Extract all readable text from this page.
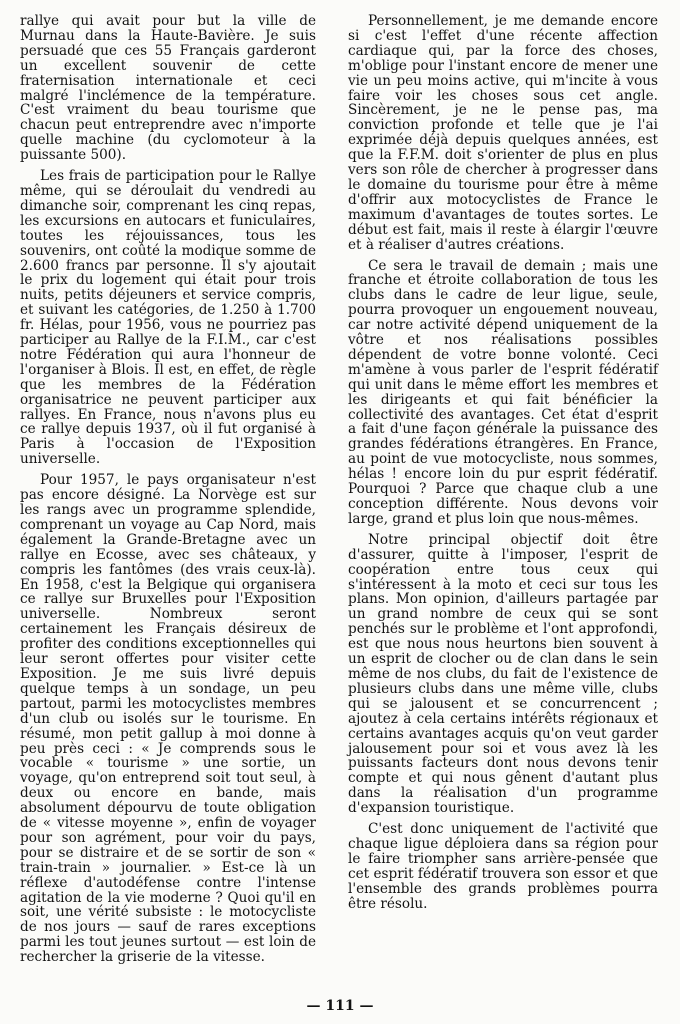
rallye qui avait pour but la ville de Murnau dans la Haute-Bavière. Je suis persuadé que ces 55 Français garderont un excellent souvenir de cette fraternisation internationale et ceci malgré l'inclémence de la température. C'est vraiment du beau tourisme que chacun peut entreprendre avec n'importe quelle machine (du cyclomoteur à la puissante 500).

Les frais de participation pour le Rallye même, qui se déroulait du vendredi au dimanche soir, comprenant les cinq repas, les excursions en autocars et funiculaires, toutes les réjouissances, tous les souvenirs, ont coûté la modique somme de 2.600 francs par personne. Il s'y ajoutait le prix du logement qui était pour trois nuits, petits déjeuners et service compris, et suivant les catégories, de 1.250 à 1.700 fr. Hélas, pour 1956, vous ne pourriez pas participer au Rallye de la F.I.M., car c'est notre Fédération qui aura l'honneur de l'organiser à Blois. Il est, en effet, de règle que les membres de la Fédération organisatrice ne peuvent participer aux rallyes. En France, nous n'avons plus eu ce rallye depuis 1937, où il fut organisé à Paris à l'occasion de l'Exposition universelle.

Pour 1957, le pays organisateur n'est pas encore désigné. La Norvège est sur les rangs avec un programme splendide, comprenant un voyage au Cap Nord, mais également la Grande-Bretagne avec un rallye en Ecosse, avec ses châteaux, y compris les fantômes (des vrais ceux-là). En 1958, c'est la Belgique qui organisera ce rallye sur Bruxelles pour l'Exposition universelle. Nombreux seront certainement les Français désireux de profiter des conditions exceptionnelles qui leur seront offertes pour visiter cette Exposition. Je me suis livré depuis quelque temps à un sondage, un peu partout, parmi les motocyclistes membres d'un club ou isolés sur le tourisme. En résumé, mon petit gallup à moi donne à peu près ceci : « Je comprends sous le vocable « tourisme » une sortie, un voyage, qu'on entreprend soit tout seul, à deux ou encore en bande, mais absolument dépourvu de toute obligation de « vitesse moyenne », enfin de voyager pour son agrément, pour voir du pays, pour se distraire et de se sortir de son « train-train » journalier. » Est-ce là un réflexe d'autodéfense contre l'intense agitation de la vie moderne ? Quoi qu'il en soit, une vérité subsiste : le motocycliste de nos jours — sauf de rares exceptions parmi les tout jeunes surtout — est loin de rechercher la griserie de la vitesse.

Personnellement, je me demande encore si c'est l'effet d'une récente affection cardiaque qui, par la force des choses, m'oblige pour l'instant encore de mener une vie un peu moins active, qui m'incite à vous faire voir les choses sous cet angle. Sincèrement, je ne le pense pas, ma conviction profonde et telle que je l'ai exprimée déjà depuis quelques années, est que la F.F.M. doit s'orienter de plus en plus vers son rôle de chercher à progresser dans le domaine du tourisme pour être à même d'offrir aux motocyclistes de France le maximum d'avantages de toutes sortes. Le début est fait, mais il reste à élargir l'œuvre et à réaliser d'autres créations.

Ce sera le travail de demain ; mais une franche et étroite collaboration de tous les clubs dans le cadre de leur ligue, seule, pourra provoquer un engouement nouveau, car notre activité dépend uniquement de la vôtre et nos réalisations possibles dépendent de votre bonne volonté. Ceci m'amène à vous parler de l'esprit fédératif qui unit dans le même effort les membres et les dirigeants et qui fait bénéficier la collectivité des avantages. Cet état d'esprit a fait d'une façon générale la puissance des grandes fédérations étrangères. En France, au point de vue motocycliste, nous sommes, hélas ! encore loin du pur esprit fédératif. Pourquoi ? Parce que chaque club a une conception différente. Nous devons voir large, grand et plus loin que nous-mêmes.

Notre principal objectif doit être d'assurer, quitte à l'imposer, l'esprit de coopération entre tous ceux qui s'intéressent à la moto et ceci sur tous les plans. Mon opinion, d'ailleurs partagée par un grand nombre de ceux qui se sont penchés sur le problème et l'ont approfondi, est que nous nous heurtons bien souvent à un esprit de clocher ou de clan dans le sein même de nos clubs, du fait de l'existence de plusieurs clubs dans une même ville, clubs qui se jalousent et se concurrencent ; ajoutez à cela certains intérêts régionaux et certains avantages acquis qu'on veut garder jalousement pour soi et vous avez là les puissants facteurs dont nous devons tenir compte et qui nous gênent d'autant plus dans la réalisation d'un programme d'expansion touristique.

C'est donc uniquement de l'activité que chaque ligue déploiera dans sa région pour le faire triompher sans arrière-pensée que cet esprit fédératif trouvera son essor et que l'ensemble des grands problèmes pourra être résolu.

— 111 —
